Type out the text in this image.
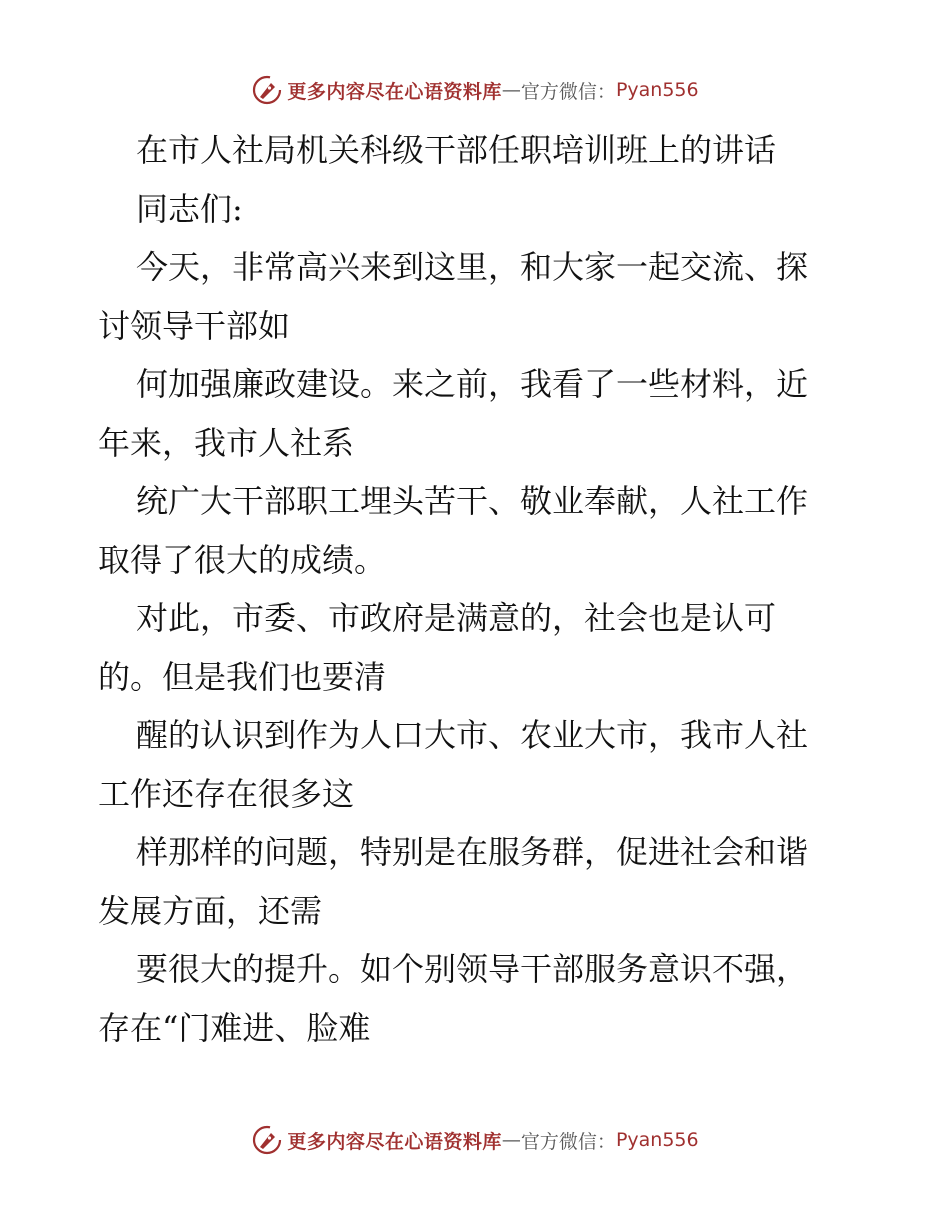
更多内容尽在心语资料库 — 官方微信： Pyan556

在市人社局机关科级干部任职培训班上的讲话

同志们:

今天，非常高兴来到这里，和大家一起交流、探

讨领导干部如

何加强廉政建设。来之前，我看了一些材料，近

年来，我市人社系

统广大干部职工埋头苦干、敬业奉献，人社工作

取得了很大的成绩。

对此，市委、市政府是满意的，社会也是认可

的。但是我们也要清

醒的认识到作为人口大市、农业大市，我市人社

工作还存在很多这

样那样的问题，特别是在服务群，促进社会和谐

发展方面，还需

要很大的提升。如个别领导干部服务意识不强，

存在“门难进、脸难

更多内容尽在心语资料库 — 官方微信： Pyan556
